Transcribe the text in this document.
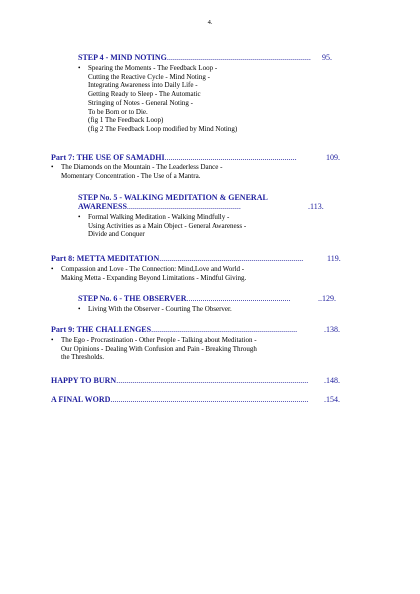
4.
STEP 4 - MIND NOTING........................................................................ 95.
• Spearing the Moments - The Feedback Loop -
Cutting the Reactive Cycle - Mind Noting -
Integrating Awareness into Daily Life -
Getting Ready to Sleep - The Automatic
Stringing of Notes - General Noting -
To be Born or to Die.
(fig 1 The Feedback Loop)
(fig 2 The Feedback Loop modified by Mind Noting)
Part 7: THE USE OF SAMADHI..................................................................	109.
• The Diamonds on the Mountain - The Leaderless Dance -
Momentary Concentration - The Use of a Mantra.
STEP No. 5 - WALKING MEDITATION & GENERAL
AWARENESS.........................................................	.113.
• Formal Walking Meditation - Walking Mindfully -
Using Activities as a Main Object - General Awareness -
Divide and Conquer
Part 8: METTA MEDITATION........................................................................	119.
• Compassion and Love - The Connection: Mind,Love and World -
Making Metta - Expanding Beyond Limitations - Mindful Giving.
STEP No. 6 - THE OBSERVER....................................................	..129.
• Living With the Observer - Courting The Observer.
Part 9: THE CHALLENGES.........................................................................	.138.
• The Ego - Procrastination - Other People - Talking about Meditation -
Our Opinions - Dealing With Confusion and Pain - Breaking Through
the Thresholds.
HAPPY TO BURN................................................................................................ .148.
A FINAL WORD................................................................................................... .154.
